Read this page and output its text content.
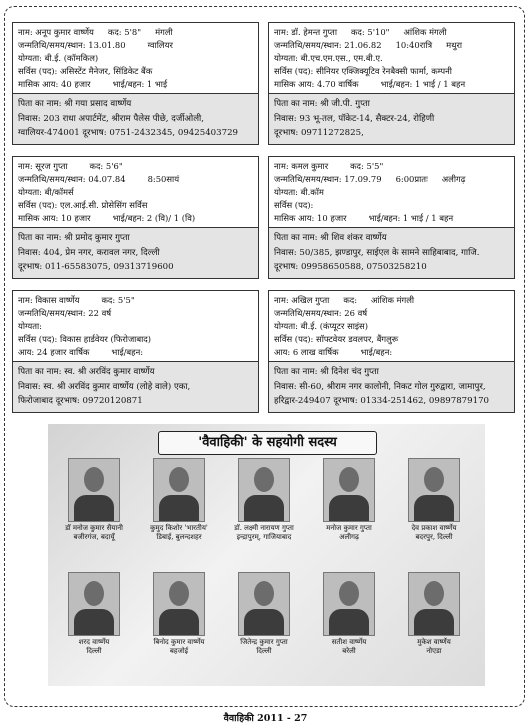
नाम: अनूप कुमार वार्ष्णेय कद: 5'8" मंगली
जन्मतिथि/समय/स्थान: 13.01.80	ग्वालियर
योग्यता: बी.ई. (कॉमकिल)
सर्विस (पद): असिस्टेंट मैनेजर, सिंडिकेट बैंक
मासिक आय: 40 हजार	भाई/बहन: 1 भाई
पिता का नाम: श्री गया प्रसाद वार्ष्णेय
निवास: 203 राधा अपार्टमेंट, श्रीराम पैलेस पीछे, दर्जीओली,
ग्वालियर-474001 दूरभाष: 0751-2432345, 09425403729
नाम: डॉ. हेमन्त गुप्ता कद: 5'10" आंशिक मंगली
जन्मतिथि/समय/स्थान: 21.06.82 10:40रात्रि मथुरा
योग्यता: बी.एच.एम.एस., एम.बी.ए.
सर्विस (पद): सीनियर एक्जिक्यूटिव रेनबैक्सी फार्मा, कम्पनी
मासिक आय: 4.70 वार्षिक	भाई/बहन: 1 भाई / 1 बहन
पिता का नाम: श्री जी.पी. गुप्ता
निवास: 93 भू-तल, पॉकेट-14, सैक्टर-24, रोहिणी
दूरभाष: 09711272825,
नाम: सूरज गुप्ता	कद: 5'6"
जन्मतिथि/समय/स्थान: 04.07.84	8:50सायं
योग्यता: बी/कॉमर्स
सर्विस (पद): एल.आई.सी. प्रोसेसिंग सर्विस
मासिक आय: 10 हजार	भाई/बहन: 2 (वि)/ 1 (वि)
पिता का नाम: श्री प्रमोद कुमार गुप्ता
निवास: 404, प्रेम नगर, करावल नगर, दिल्ली
दूरभाष: 011-65583075, 09313719600
नाम: कमल कुमार	कद: 5'5"
जन्मतिथि/समय/स्थान: 17.09.79 6:00प्रातः अलीगढ़
योग्यता: बी.कॉम
सर्विस (पद):
मासिक आय: 10 हजार	भाई/बहन: 1 भाई / 1 बहन
पिता का नाम: श्री शिव शंकर वार्ष्णेय
निवास: 50/385, झण्डापुर, साईएल के सामने साहिबाबाद, गाजि.
दूरभाष: 09958650588, 07503258210
नाम: विकास वार्ष्णेय	कद: 5'5"
जन्मतिथि/समय/स्थान: 22 वर्ष
योग्यता:
सर्विस (पद): विकास हार्डवेयर (फिरोजाबाद)
आय: 24 हजार वार्षिक	भाई/बहन:
पिता का नाम: स्व. श्री अरविंद कुमार वार्ष्णेय
निवास: स्व. श्री अरविंद कुमार वार्ष्णेय (लोहे वाले) एका,
फिरोजाबाद दूरभाष: 09720120871
नाम: अखिल गुप्ता कद: आंशिक मंगली
जन्मतिथि/समय/स्थान: 26 वर्ष
योग्यता: बी.ई. (कंप्यूटर साइंस)
सर्विस (पद): सॉफ्टवेयर डवलपर, बैंगलुरू
आय: 6 लाख वार्षिक	भाई/बहन:
पिता का नाम: श्री दिनेश चंद गुप्ता
निवास: सी-60, श्रीराम नगर कालोनी, निकट गोल गुरुद्वारा, जामापुर,
हरिद्वार-249407 दूरभाष: 01334-251462, 09897879170
'वैवाहिकी' के सहयोगी सदस्य
डॉ मनोज कुमार सैयानी
बजीरगंज, बदायूँ
कुमुद किशोर 'भारतीय'
डिबाई, बुलन्दशहर
डॉ. लक्ष्मी नारायण गुप्ता
इन्द्रापुरम्, गाजियाबाद
मनोज कुमार गुप्ता
अलीगढ़
देव प्रकाश वार्ष्णेय
बदरपुर, दिल्ली
शरद वार्ष्णेय
दिल्ली
बिनोद कुमार वार्ष्णेय
बहजोई
जितेन्द्र कुमार गुप्ता
दिल्ली
सतीश वार्ष्णेय
बरेली
मुकेश वार्ष्णेय
नोएडा
वैवाहिकी 2011 - 27
